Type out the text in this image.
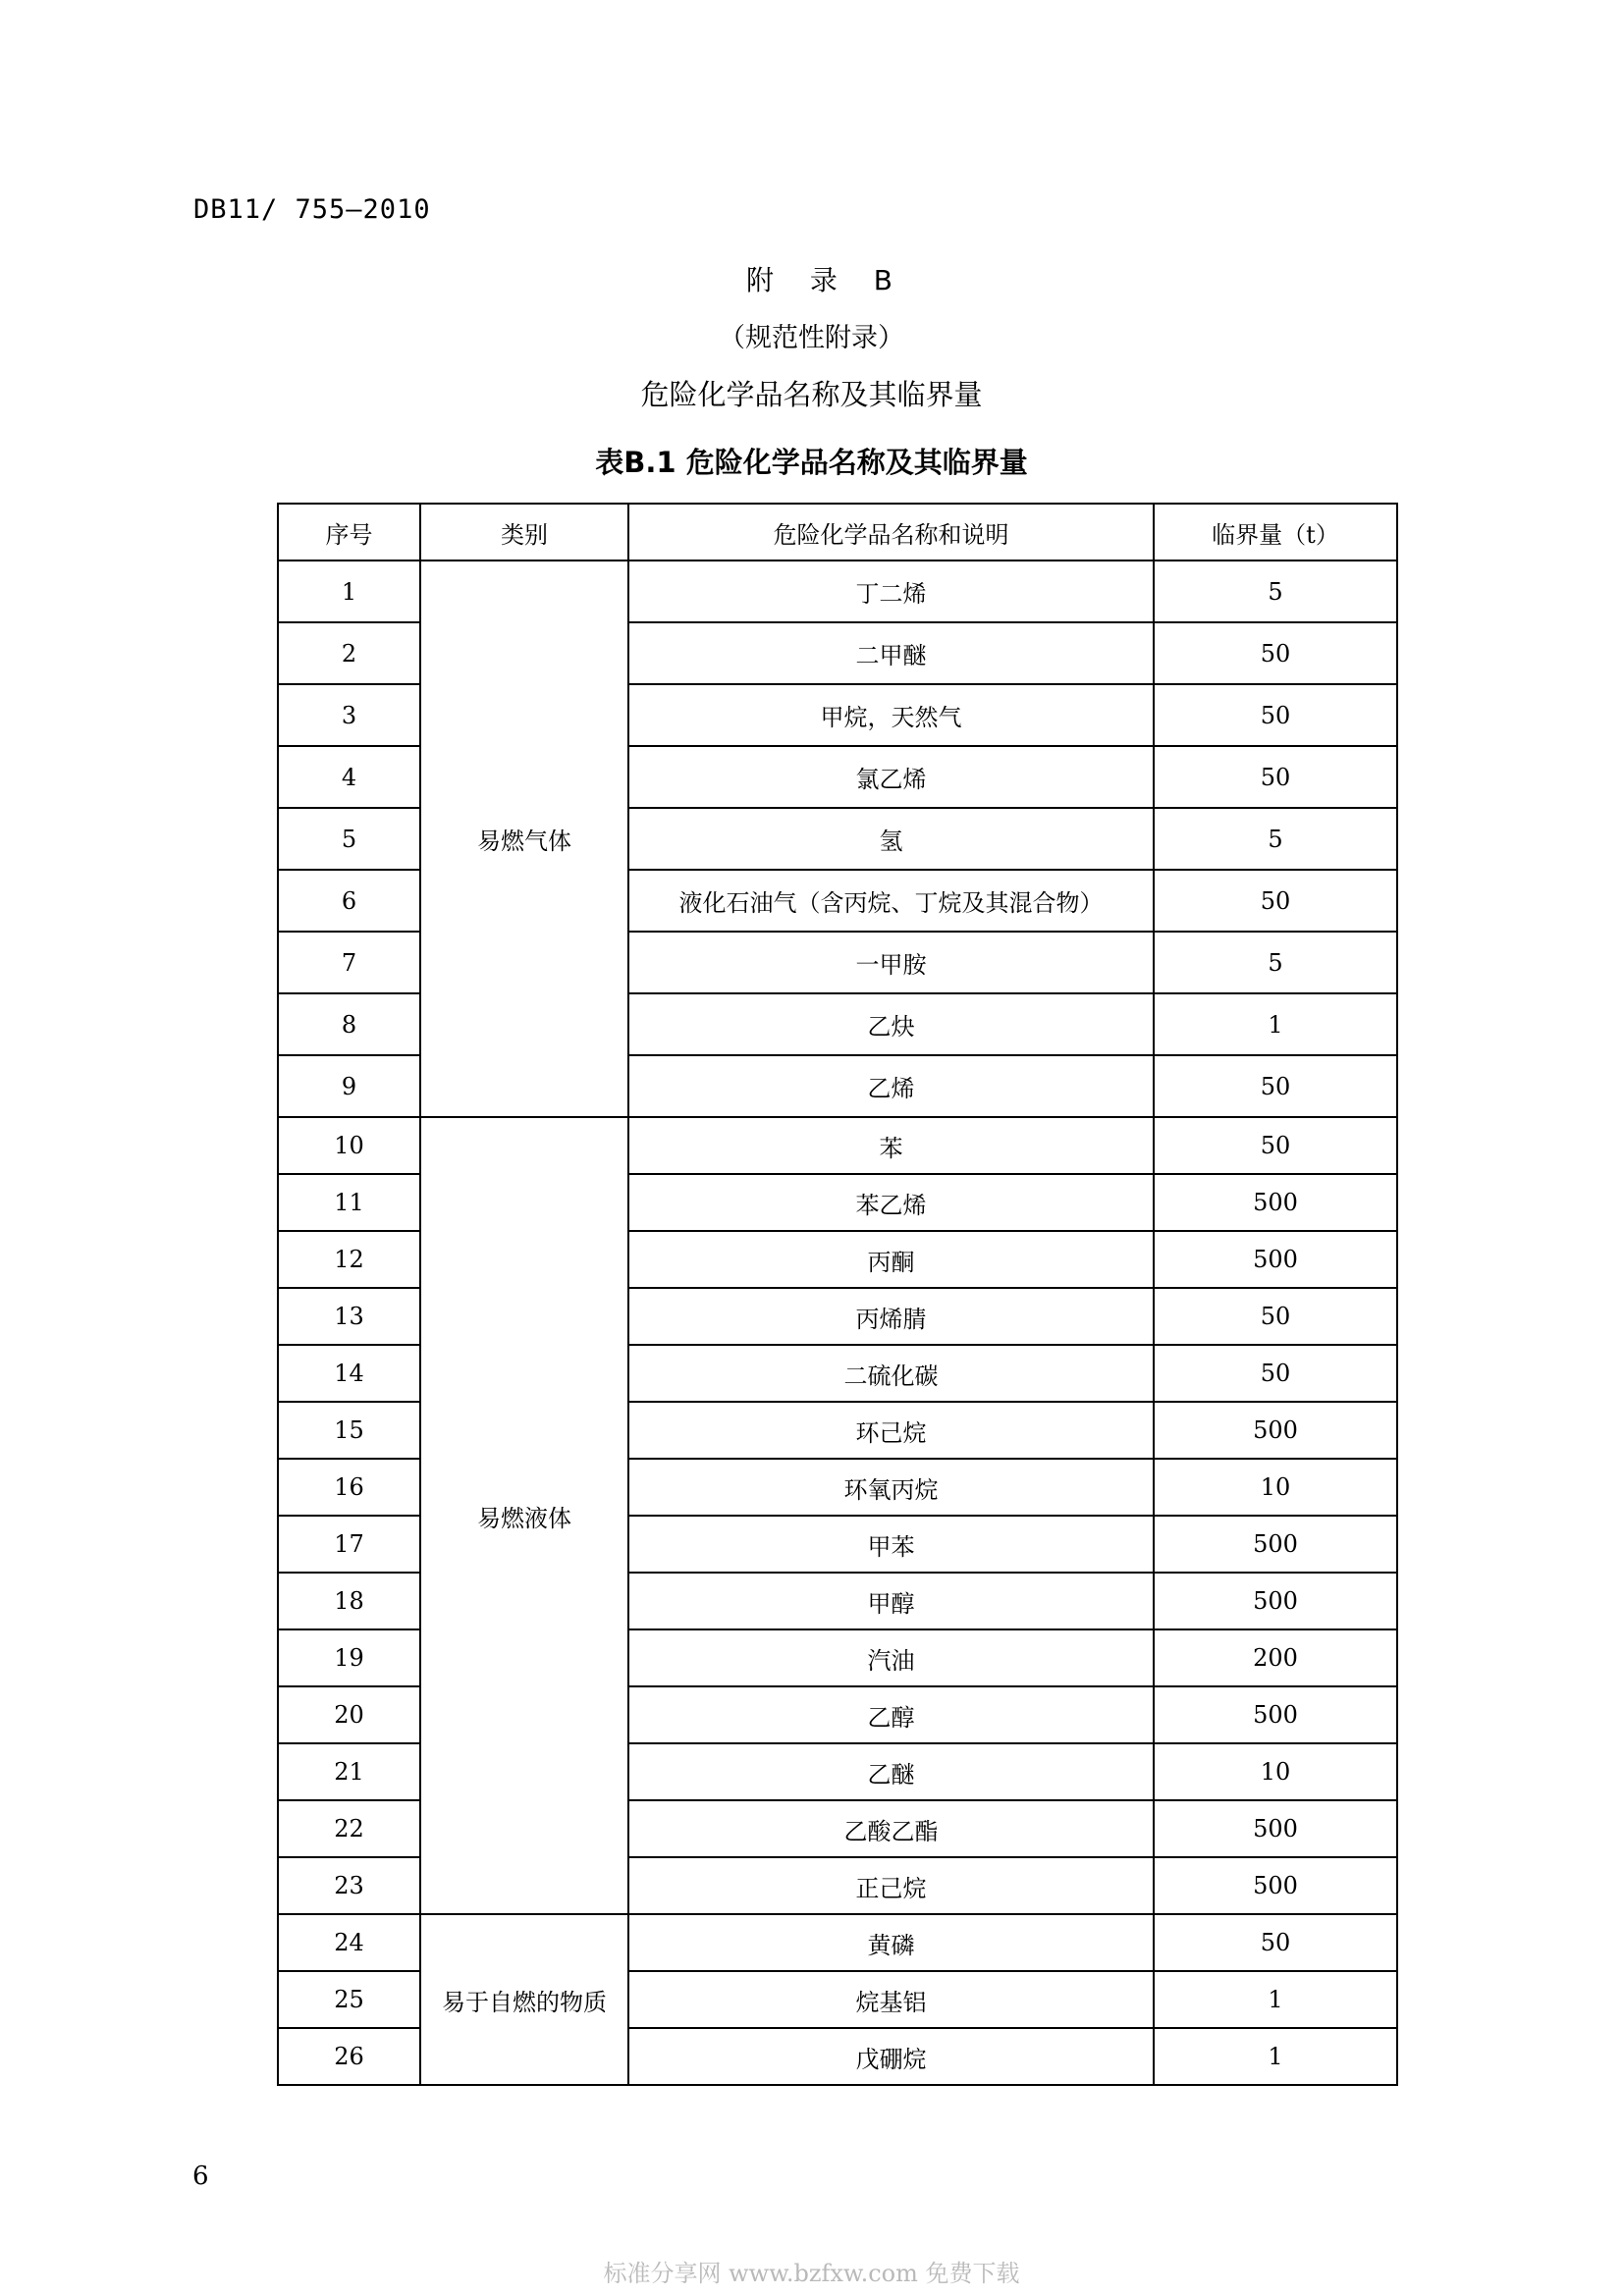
DB11/ 755—2010
附 录 B
（规范性附录）
危险化学品名称及其临界量
表B.1 危险化学品名称及其临界量
序号	类别	危险化学品名称和说明	临界量（t）
1	易燃气体	丁二烯	5
2		二甲醚	50
3		甲烷，天然气	50
4		氯乙烯	50
5		氢	5
6		液化石油气（含丙烷、丁烷及其混合物）	50
7		一甲胺	5
8		乙炔	1
9		乙烯	50
10	易燃液体	苯	50
11		苯乙烯	500
12		丙酮	500
13		丙烯腈	50
14		二硫化碳	50
15		环己烷	500
16		环氧丙烷	10
17		甲苯	500
18		甲醇	500
19		汽油	200
20		乙醇	500
21		乙醚	10
22		乙酸乙酯	500
23		正己烷	500
24	易于自燃的物质	黄磷	50
25		烷基铝	1
26		戊硼烷	1
6
标准分享网 www.bzfxw.com 免费下载
